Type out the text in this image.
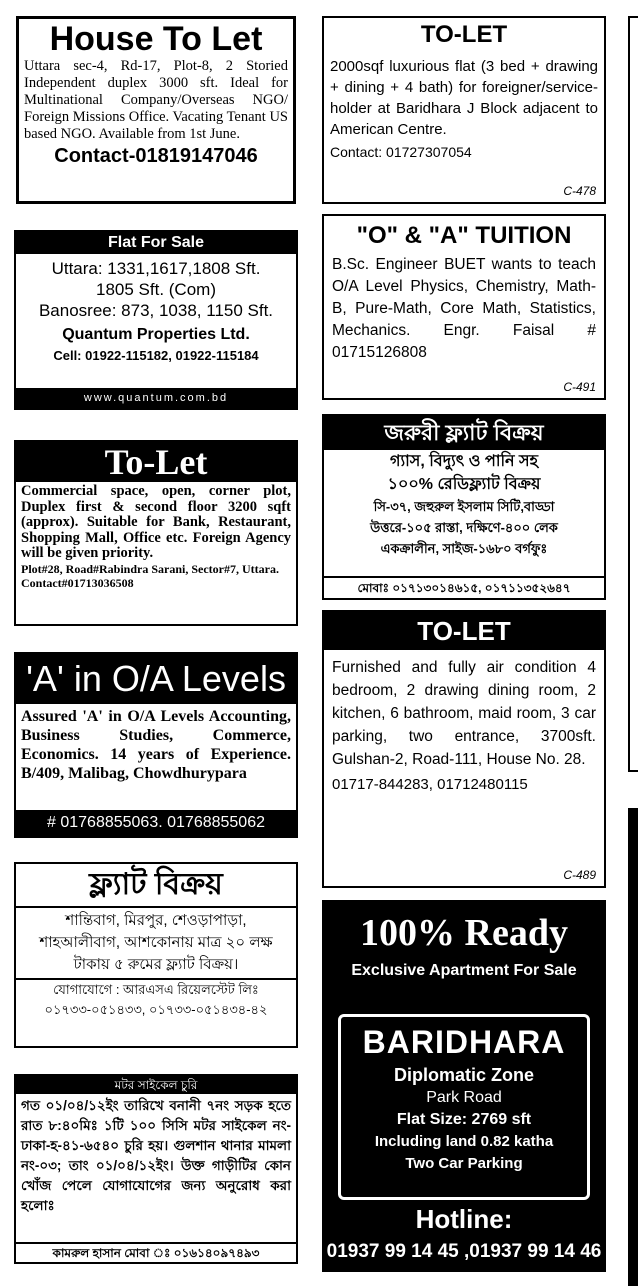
House To Let
Uttara sec-4, Rd-17, Plot-8, 2 Storied Independent duplex 3000 sft. Ideal for Multinational Company/Overseas NGO/ Foreign Missions Office. Vacating Tenant US based NGO. Available from 1st June.
Contact-01819147046
Flat For Sale
Uttara: 1331,1617,1808 Sft.
1805 Sft. (Com)
Banosree: 873, 1038, 1150 Sft.
Quantum Properties Ltd.
Cell: 01922-115182, 01922-115184
www.quantum.com.bd
To-Let
Commercial space, open, corner plot, Duplex first & second floor 3200 sqft (approx). Suitable for Bank, Restaurant, Shopping Mall, Office etc. Foreign Agency will be given priority.
Plot#28, Road#Rabindra Sarani, Sector#7, Uttara. Contact#01713036508
'A' in O/A Levels
Assured 'A' in O/A Levels Accounting, Business Studies, Commerce, Economics. 14 years of Experience. B/409, Malibag, Chowdhurypara
# 01768855063. 01768855062
ফ্ল্যাট বিক্রয়
শান্তিবাগ, মিরপুর, শেওড়াপাড়া, শাহআলীবাগ, আশকোনায় মাত্র ২০ লক্ষ টাকায় ৫ রুমের ফ্ল্যাট বিক্রয়।
যোগাযোগে : আরএসএ রিয়েলস্টেট লিঃ
০১৭৩৩-০৫১৪৩৩, ০১৭৩৩-০৫১৪৩৪-৪২
মটর সাইকেল চুরি
গত ০১/০৪/১২ইং তারিখে বনানী ৭নং সড়ক হতে রাত ৮:৪০মিঃ ১টি ১০০ সিসি মটর সাইকেল নং- ঢাকা-হ-৪১-৬৫৪০ চুরি হয়। গুলশান থানার মামলা নং-০৩; তাং ০১/০৪/১২ইং। উক্ত গাড়ীটির কোন খোঁজ পেলে যোগাযোগের জন্য অনুরোধ করা হলোঃ
কামরুল হাসান মোবা ঃ ০১৬১৪০৯৭৪৯৩
TO-LET
2000sqf luxurious flat (3 bed + drawing + dining + 4 bath) for foreigner/service-holder at Baridhara J Block adjacent to American Centre.
Contact: 01727307054
C-478
"O" & "A" TUITION
B.Sc. Engineer BUET wants to teach O/A Level Physics, Chemistry, Math-B, Pure-Math, Core Math, Statistics, Mechanics. Engr. Faisal # 01715126808
C-491
জরুরী ফ্ল্যাট বিক্রয়
গ্যাস, বিদ্যুৎ ও পানি সহ
১০০% রেডিফ্ল্যাট বিক্রয়
সি-৩৭, জহুরুল ইসলাম সিটি,বাড্ডা
উত্তরে-১০৫ রাস্তা, দক্ষিণে-৪০০ লেক
একক্রালীন, সাইজ-১৬৮০ বর্গফুঃ
মোবাঃ ০১৭১৩০১৪৬১৫, ০১৭১১৩৫২৬৪৭
TO-LET
Furnished and fully air condition 4 bedroom, 2 drawing dining room, 2 kitchen, 6 bathroom, maid room, 3 car parking, two entrance, 3700sft. Gulshan-2, Road-111, House No. 28.
01717-844283, 01712480115
C-489
100% Ready
Exclusive Apartment For Sale
BARIDHARA
Diplomatic Zone
Park Road
Flat Size: 2769 sft
Including land 0.82 katha
Two Car Parking
Hotline:
01937 99 14 45 ,01937 99 14 46
